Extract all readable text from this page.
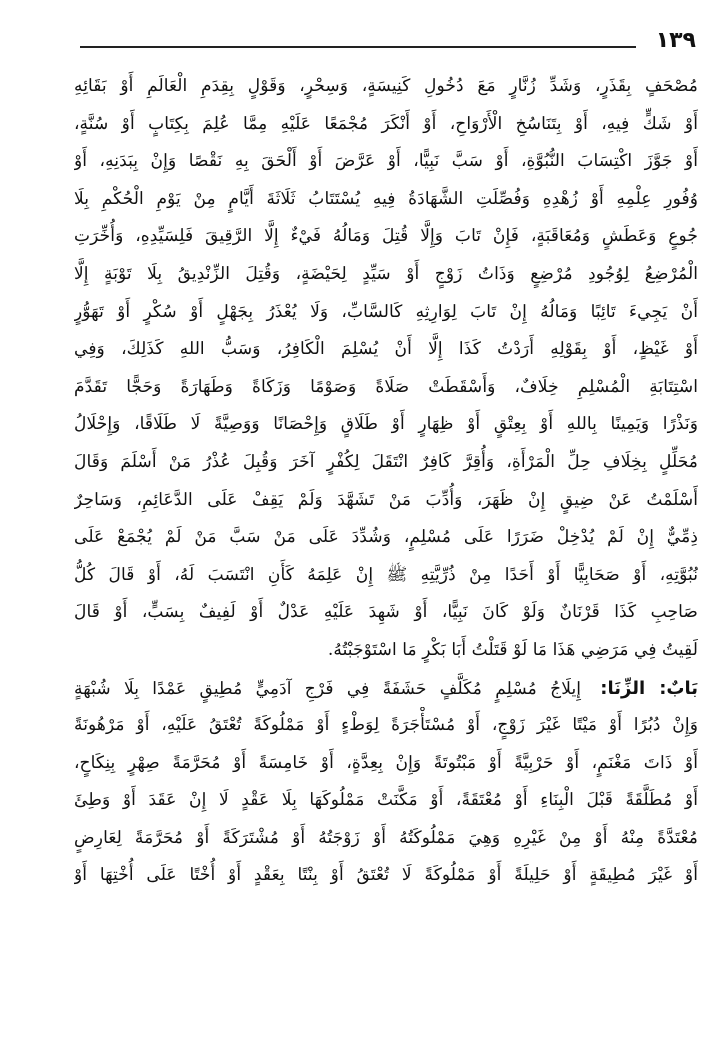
١٣٩
مُصْحَفٍ بِقَذَرٍ، وَشَدِّ زُنَّارٍ مَعَ دُخُولِ كَنِيسَةٍ، وَسِحْرٍ، وَقَوْلٍ بِقِدَمِ الْعَالَمِ أَوْ بَقَائِهِ
أَوْ شَكٍّ فِيهِ، أَوْ بِتَنَاسُخِ الْأَرْوَاحِ، أَوْ أَنْكَرَ مُجْمَعًا عَلَيْهِ مِمَّا عُلِمَ بِكِتَابٍ أَوْ سُنَّةٍ،
أَوْ جَوَّزَ اكْتِسَابَ النُّبُوَّةِ، أَوْ سَبَّ نَبِيًّا، أَوْ عَرَّضَ أَوْ أَلْحَقَ بِهِ نَقْصًا وَإِنْ بِبَدَنِهِ، أَوْ
وُفُورِ عِلْمِهِ أَوْ زُهْدِهِ وَفُصِّلَتِ الشَّهَادَةُ فِيهِ يُسْتَتَابُ ثَلَاثَةَ أَيَّامٍ مِنْ يَوْمِ الْحُكْمِ بِلَا
جُوعٍ وَعَطَشٍ وَمُعَاقَبَةٍ، فَإِنْ تَابَ وَإِلَّا قُتِلَ وَمَالُهُ فَيْءٌ إِلَّا الرَّقِيقَ فَلِسَيِّدِهِ، وَأُخِّرَتِ
الْمُرْضِعُ لِوُجُودِ مُرْضِعٍ وَذَاتُ زَوْجٍ أَوْ سَيِّدٍ لِحَيْضَةٍ، وَقُتِلَ الزِّنْدِيقُ بِلَا تَوْبَةٍ إِلَّا
أَنْ يَجِيءَ تَائِبًا وَمَالُهُ إِنْ تَابَ لِوَارِثِهِ كَالسَّابِّ، وَلَا يُعْذَرُ بِجَهْلٍ أَوْ سُكْرٍ أَوْ تَهَوُّرٍ
أَوْ غَيْظٍ، أَوْ بِقَوْلِهِ أَرَدْتُ كَذَا إِلَّا أَنْ يُسْلِمَ الْكَافِرُ، وَسَبُّ اللهِ كَذَلِكَ، وَفِي
اسْتِتَابَةِ الْمُسْلِمِ خِلَافٌ، وَأَسْقَطَتْ صَلَاةً وَصَوْمًا وَزَكَاةً وَطَهَارَةً وَحَجًّا تَقَدَّمَ
وَنَذْرًا وَيَمِينًا بِاللهِ أَوْ بِعِتْقٍ أَوْ ظِهَارٍ أَوْ طَلَاقٍ وَإِحْصَانًا وَوَصِيَّةً لَا طَلَاقًا، وَإِحْلَالُ
مُحَلِّلٍ بِخِلَافِ حِلِّ الْمَرْأَةِ، وَأُقِرَّ كَافِرٌ انْتَقَلَ لِكُفْرٍ آخَرَ وَقُبِلَ عُذْرُ مَنْ أَسْلَمَ وَقَالَ
أَسْلَمْتُ عَنْ ضِيقٍ إِنْ ظَهَرَ، وَأُدِّبَ مَنْ تَشَهَّدَ وَلَمْ يَقِفْ عَلَى الدَّعَائِمِ، وَسَاحِرٌ
ذِمِّيٌّ إِنْ لَمْ يُدْخِلْ ضَرَرًا عَلَى مُسْلِمٍ، وَشُدِّدَ عَلَى مَنْ سَبَّ مَنْ لَمْ يُجْمَعْ عَلَى
نُبُوَّتِهِ، أَوْ صَحَابِيًّا أَوْ أَحَدًا مِنْ ذُرِّيَّتِهِ ﷺ إِنْ عَلِمَهُ كَأَنِ انْتَسَبَ لَهُ، أَوْ قَالَ كُلُّ
صَاحِبِ كَذَا قَرْنَانٌ وَلَوْ كَانَ نَبِيًّا، أَوْ شَهِدَ عَلَيْهِ عَدْلٌ أَوْ لَفِيفٌ بِسَبٍّ، أَوْ قَالَ
لَقِيتُ فِي مَرَضِي هَذَا مَا لَوْ قَتَلْتُ أَبَا بَكْرٍ مَا اسْتَوْجَبْتُهُ.
بَابٌ: الزِّنَا: إِيلَاجُ مُسْلِمٍ مُكَلَّفٍ حَشَفَةً فِي فَرْجِ آدَمِيٍّ مُطِيقٍ عَمْدًا بِلَا شُبْهَةٍ
وَإِنْ دُبُرًا أَوْ مَيْتًا غَيْرَ زَوْجٍ، أَوْ مُسْتَأْجَرَةً لِوَطْءٍ أَوْ مَمْلُوكَةً تُعْتَقُ عَلَيْهِ، أَوْ مَرْهُونَةً
أَوْ ذَاتَ مَغْنَمٍ، أَوْ حَرْبِيَّةً أَوْ مَبْتُوتَةً وَإِنْ بِعِدَّةٍ، أَوْ خَامِسَةً أَوْ مُحَرَّمَةً صِهْرٍ بِنِكَاحٍ،
أَوْ مُطَلَّقَةً قَبْلَ الْبِنَاءِ أَوْ مُعْتَقَةً، أَوْ مَكَّنَتْ مَمْلُوكَهَا بِلَا عَقْدٍ لَا إِنْ عَقَدَ أَوْ وَطِئَ
مُعْتَدَّةً مِنْهُ أَوْ مِنْ غَيْرِهِ وَهِيَ مَمْلُوكَتُهُ أَوْ زَوْجَتُهُ أَوْ مُشْتَرَكَةً أَوْ مُحَرَّمَةً لِعَارِضٍ
أَوْ غَيْرَ مُطِيقَةٍ أَوْ حَلِيلَةً أَوْ مَمْلُوكَةً لَا تُعْتَقُ أَوْ بِنْتًا بِعَقْدٍ أَوْ أُخْتًا عَلَى أُخْتِهَا أَوْ
